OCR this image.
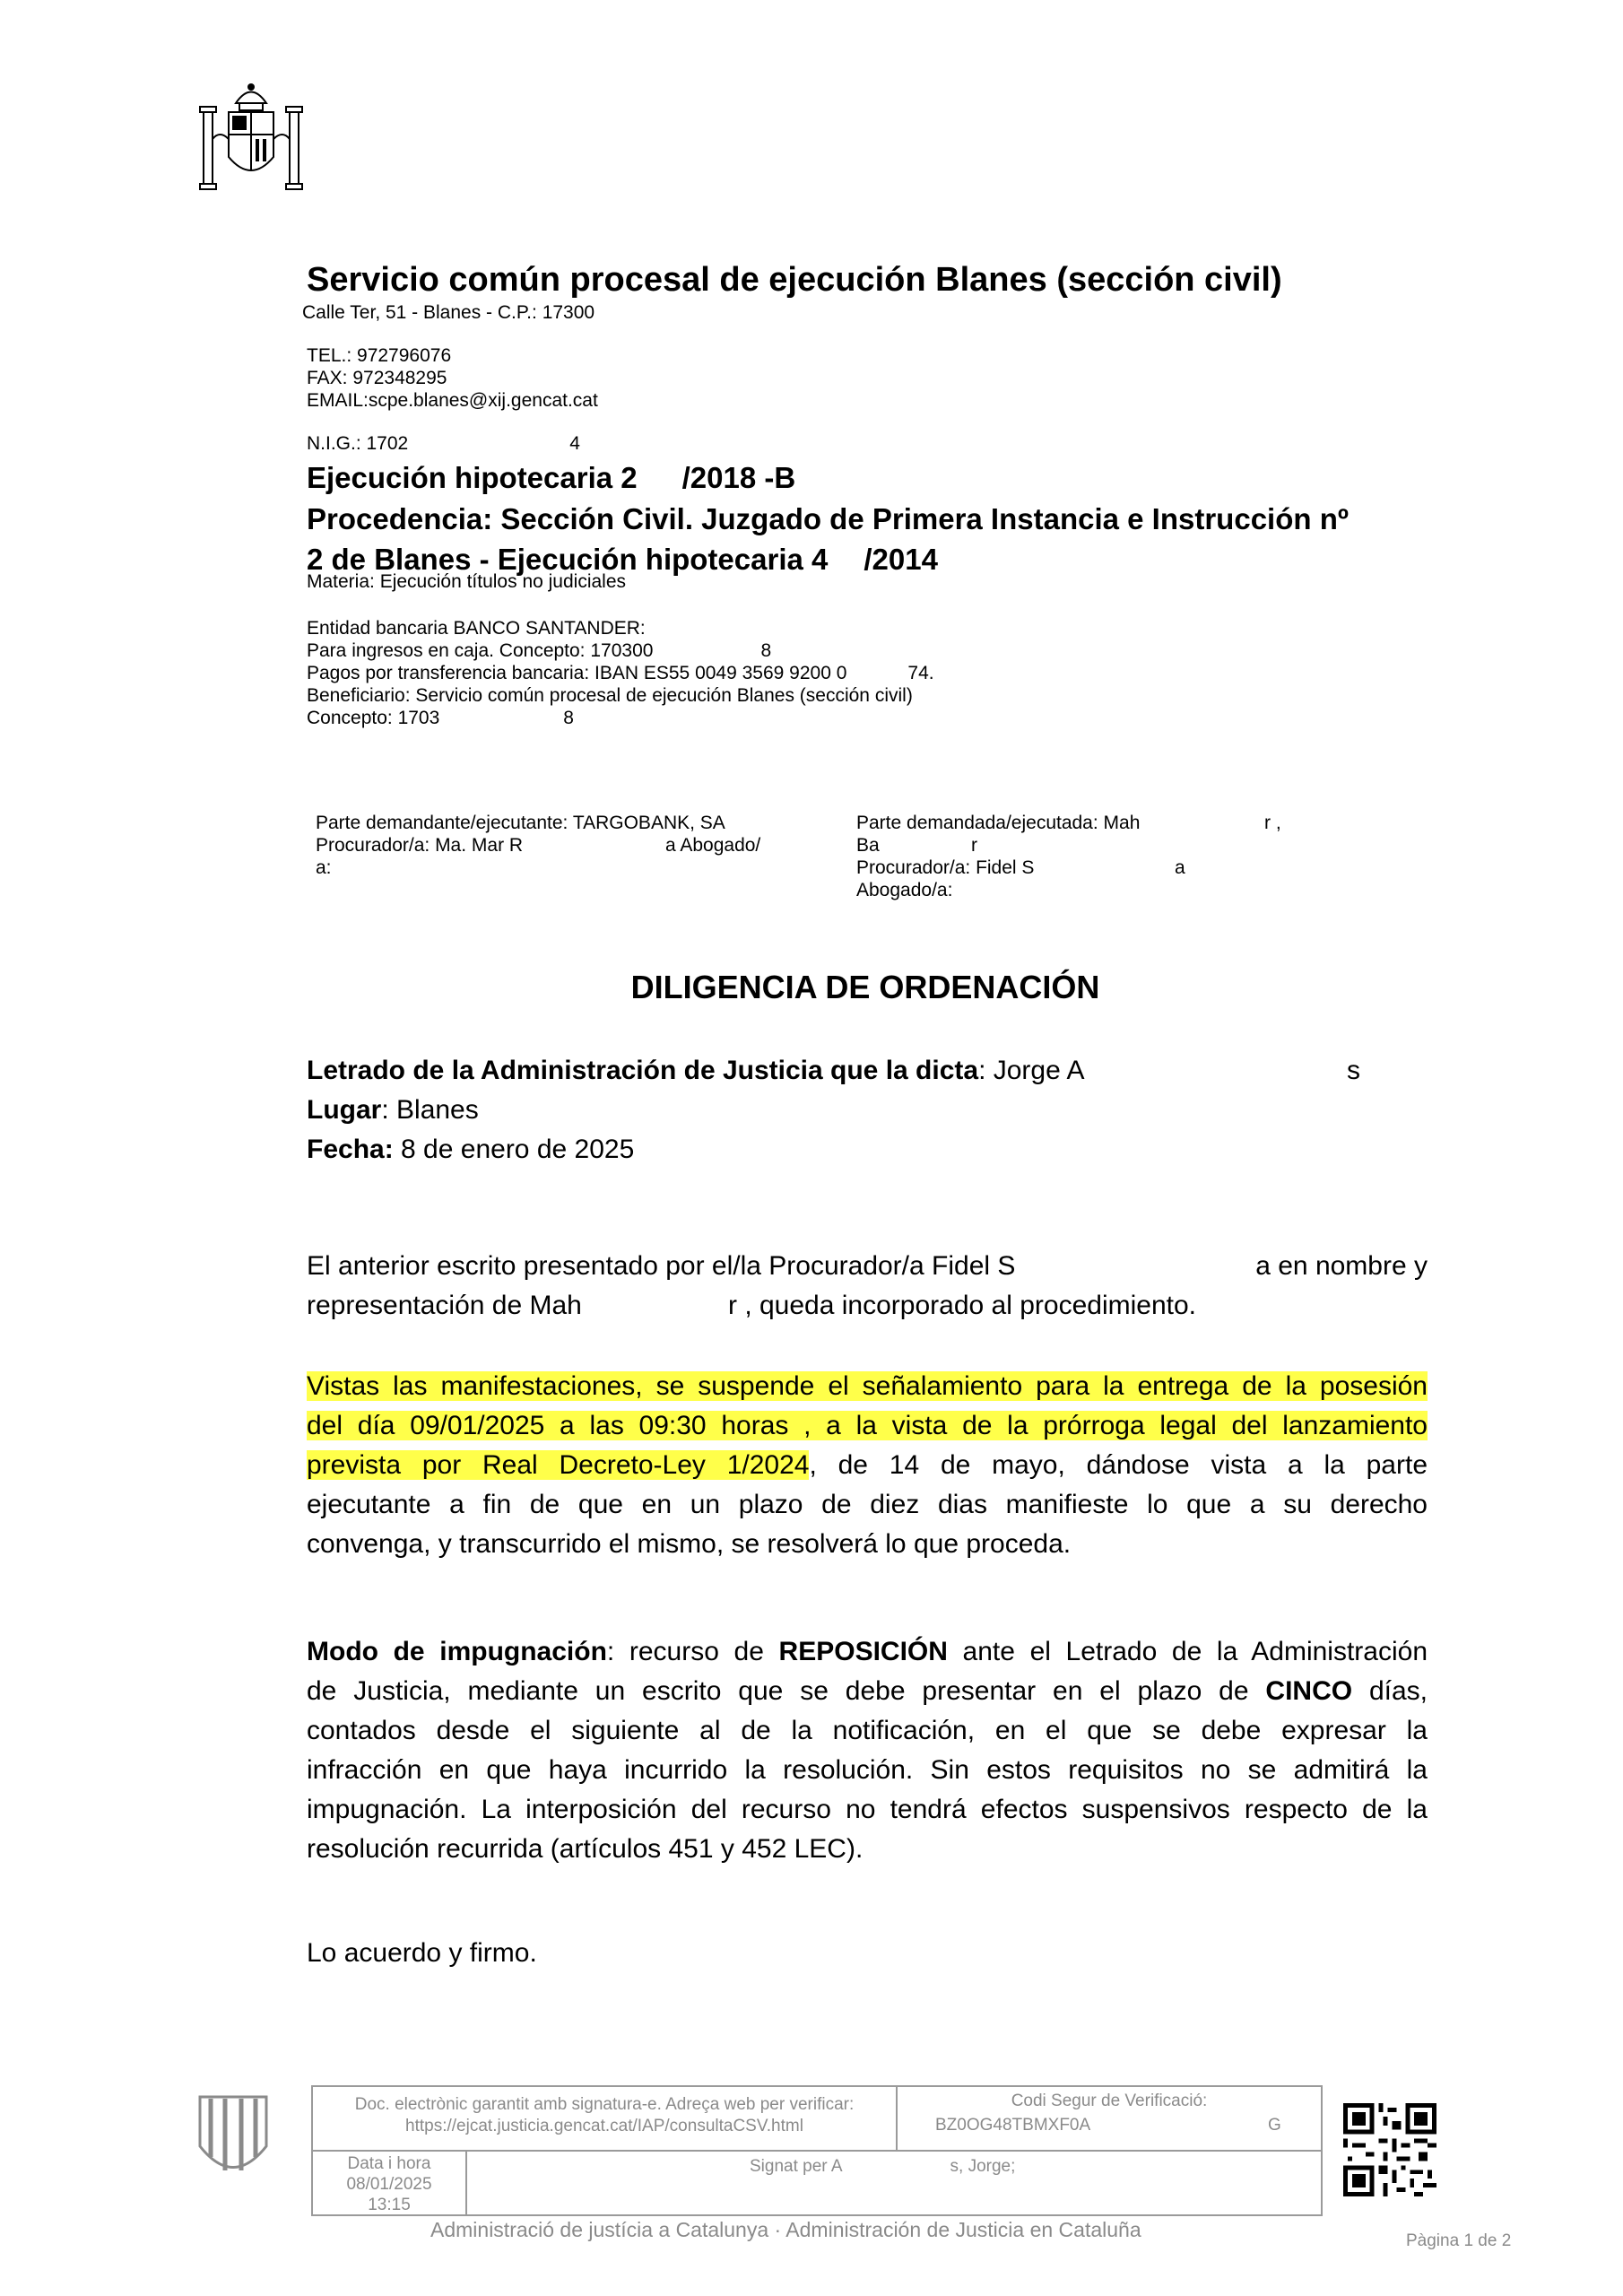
Servicio común procesal de ejecución Blanes (sección civil)
Calle Ter, 51 - Blanes - C.P.: 17300
TEL.: 972796076
FAX: 972348295
EMAIL:scpe.blanes@xij.gencat.cat
N.I.G.: 1702	4
Ejecución hipotecaria 2 /2018 -B
Procedencia: Sección Civil. Juzgado de Primera Instancia e Instrucción nº
2 de Blanes - Ejecución hipotecaria 4 /2014
Materia: Ejecución títulos no judiciales
Entidad bancaria BANCO SANTANDER:
Para ingresos en caja. Concepto: 170300	8
Pagos por transferencia bancaria: IBAN ES55 0049 3569 9200 0	74.
Beneficiario: Servicio común procesal de ejecución Blanes (sección civil)
Concepto: 1703	8
Parte demandante/ejecutante: TARGOBANK, SA
Procurador/a: Ma. Mar R	a Abogado/
a:
Parte demandada/ejecutada: Mah	r ,
Ba	r
Procurador/a: Fidel S	a
Abogado/a:
DILIGENCIA DE ORDENACIÓN
Letrado de la Administración de Justicia que la dicta: Jorge A	s
Lugar: Blanes
Fecha: 8 de enero de 2025
El anterior escrito presentado por el/la Procurador/a Fidel S	a en nombre y
representación de Mah	r , queda incorporado al procedimiento.
Vistas las manifestaciones, se suspende el señalamiento para la entrega de la posesión
del día 09/01/2025 a las 09:30 horas , a la vista de la prórroga legal del lanzamiento
prevista por Real Decreto-Ley 1/2024, de 14 de mayo, dándose vista a la parte
ejecutante a fin de que en un plazo de diez dias manifieste lo que a su derecho
convenga, y transcurrido el mismo, se resolverá lo que proceda.
Modo de impugnación: recurso de REPOSICIÓN ante el Letrado de la Administración
de Justicia, mediante un escrito que se debe presentar en el plazo de CINCO días,
contados desde el siguiente al de la notificación, en el que se debe expresar la
infracción en que haya incurrido la resolución. Sin estos requisitos no se admitirá la
impugnación. La interposición del recurso no tendrá efectos suspensivos respecto de la
resolución recurrida (artículos 451 y 452 LEC).
Lo acuerdo y firmo.
Doc. electrònic garantit amb signatura-e. Adreça web per verificar:
https://ejcat.justicia.gencat.cat/IAP/consultaCSV.html
Codi Segur de Verificació:
BZ0OG48TBMXF0A	G
Data i hora
08/01/2025
13:15
Signat per A	s, Jorge;
Administració de justícia a Catalunya · Administración de Justicia en Cataluña	Pàgina 1 de 2
